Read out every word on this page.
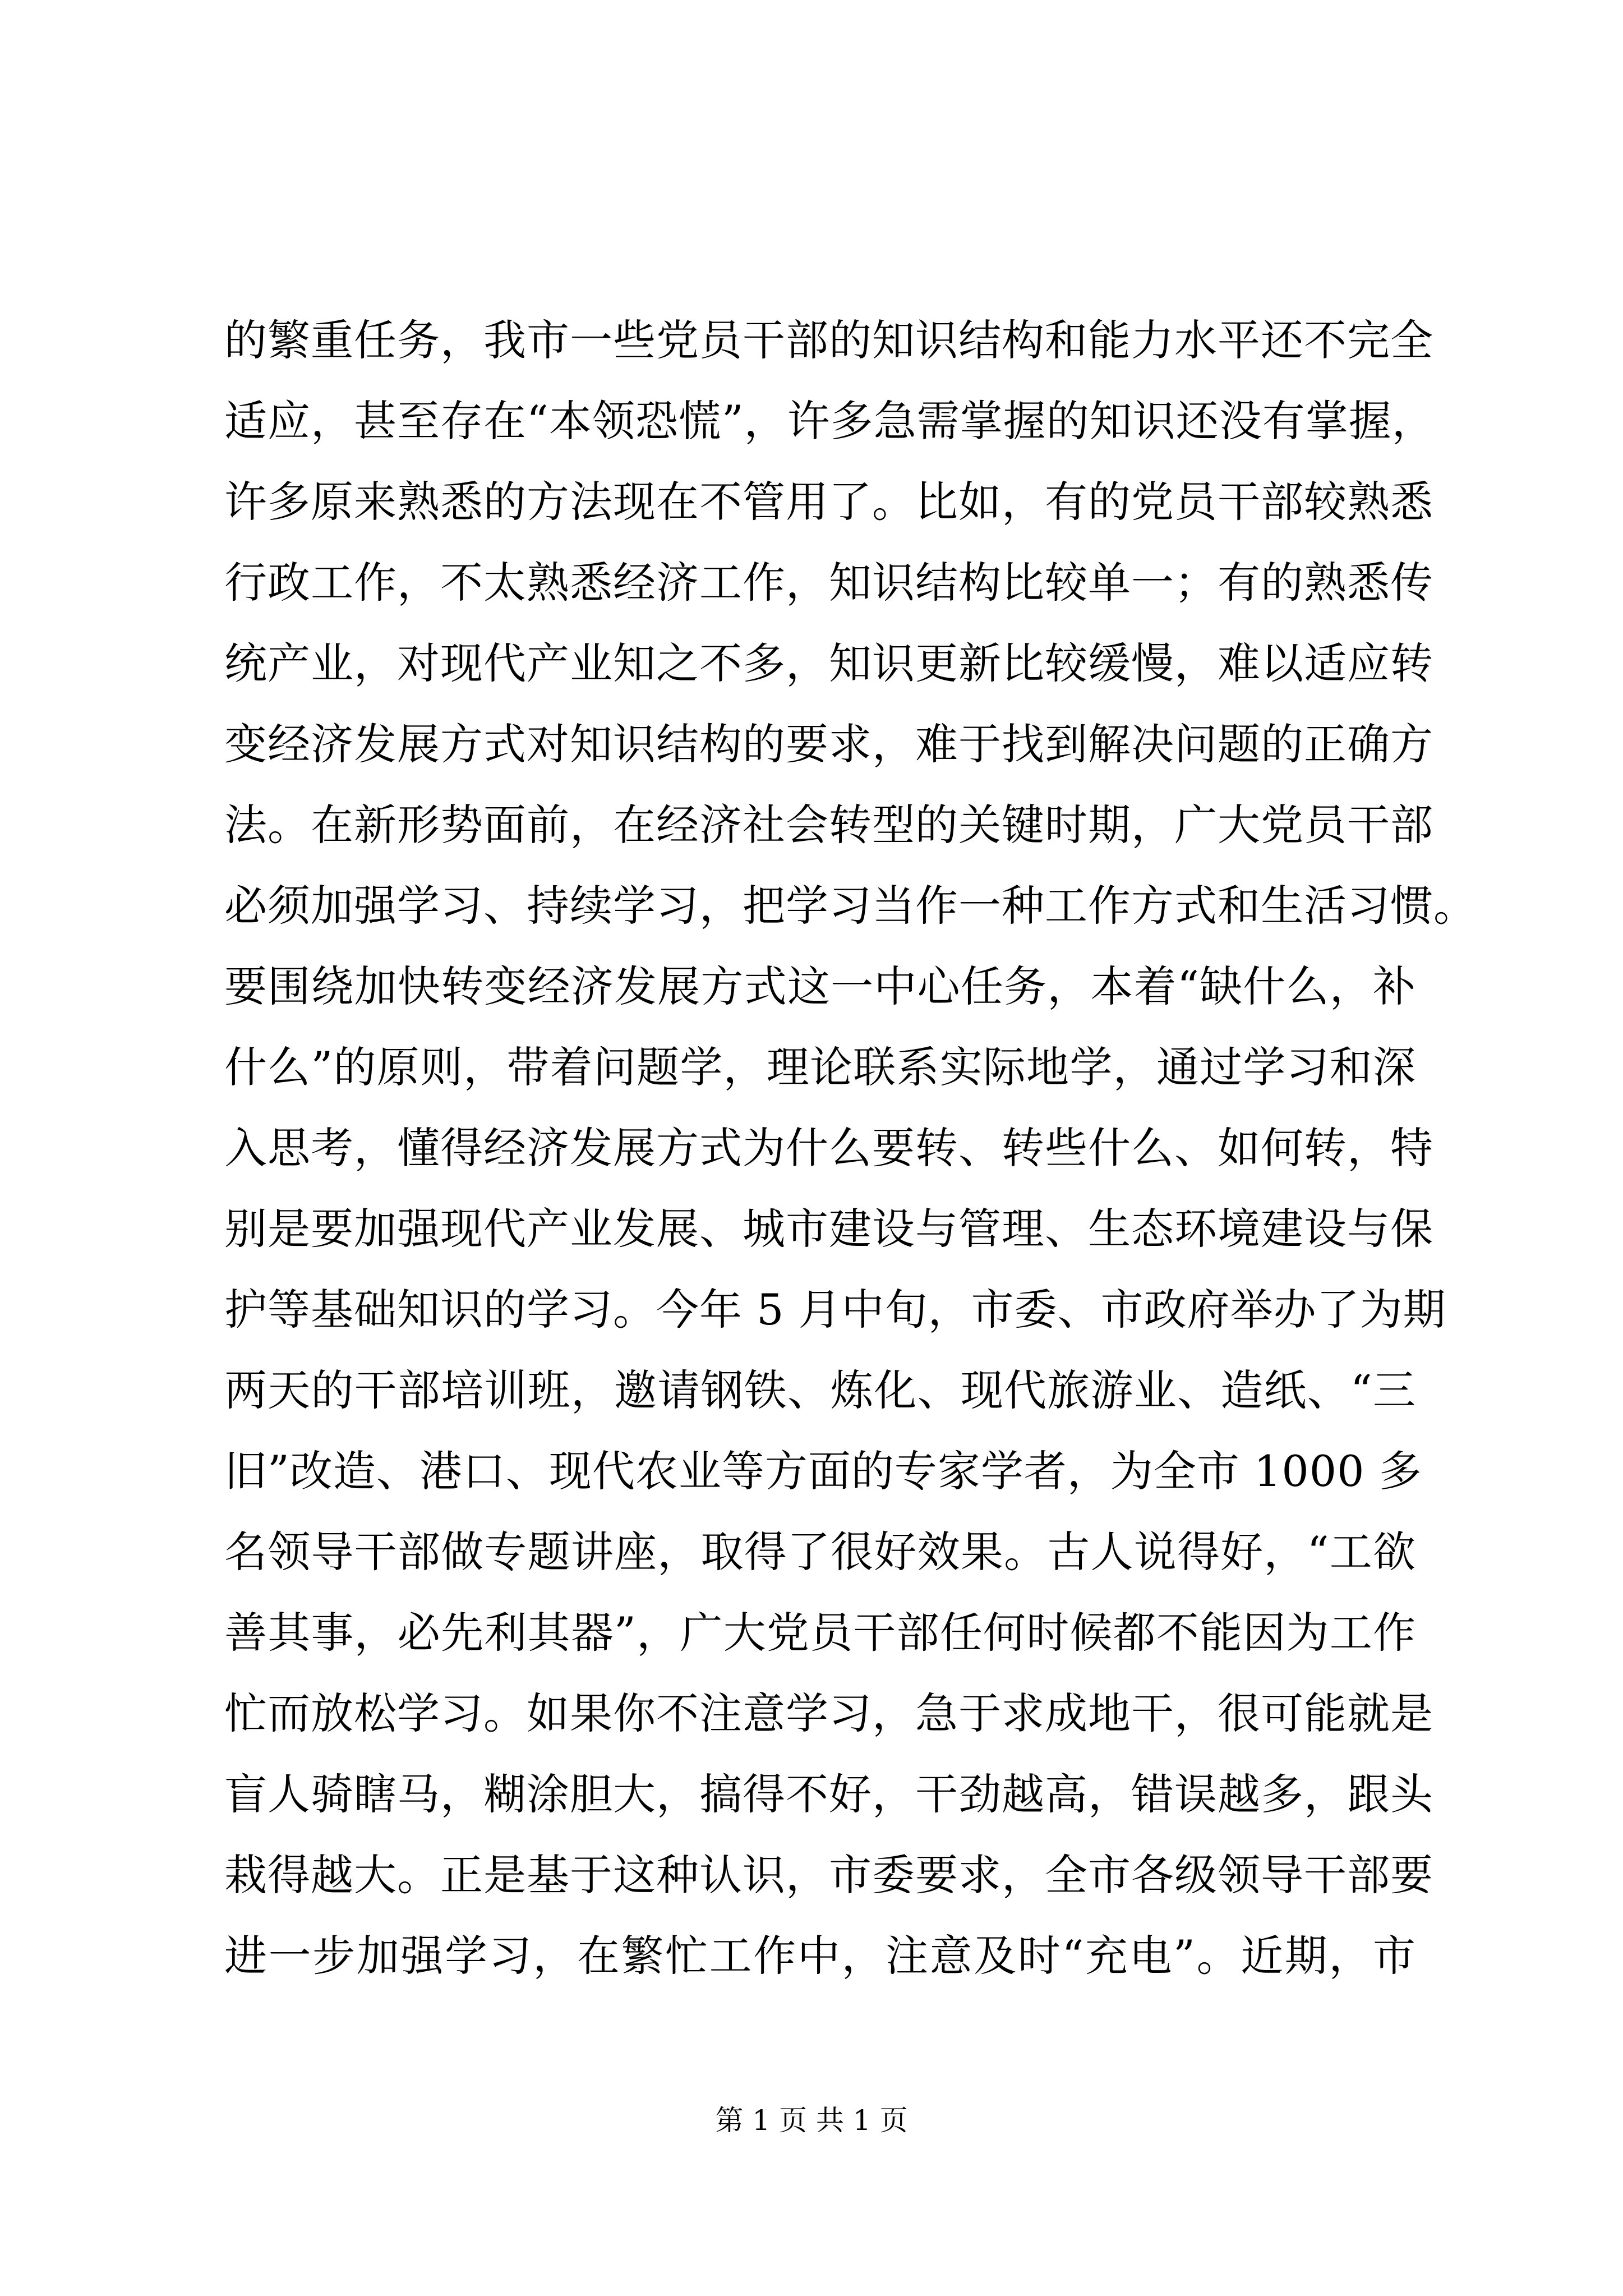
的繁重任务，我市一些党员干部的知识结构和能力水平还不完全
适应，甚至存在“本领恐慌”，许多急需掌握的知识还没有掌握，
许多原来熟悉的方法现在不管用了。比如，有的党员干部较熟悉
行政工作，不太熟悉经济工作，知识结构比较单一；有的熟悉传
统产业，对现代产业知之不多，知识更新比较缓慢，难以适应转
变经济发展方式对知识结构的要求，难于找到解决问题的正确方
法。在新形势面前，在经济社会转型的关键时期，广大党员干部
必须加强学习、持续学习，把学习当作一种工作方式和生活习惯。
要围绕加快转变经济发展方式这一中心任务，本着“缺什么，补
什么”的原则，带着问题学，理论联系实际地学，通过学习和深
入思考，懂得经济发展方式为什么要转、转些什么、如何转，特
别是要加强现代产业发展、城市建设与管理、生态环境建设与保
护等基础知识的学习。今年 5 月中旬，市委、市政府举办了为期
两天的干部培训班，邀请钢铁、炼化、现代旅游业、造纸、“三
旧”改造、港口、现代农业等方面的专家学者，为全市 1000 多
名领导干部做专题讲座，取得了很好效果。古人说得好，“工欲
善其事，必先利其器”，广大党员干部任何时候都不能因为工作
忙而放松学习。如果你不注意学习，急于求成地干，很可能就是
盲人骑瞎马，糊涂胆大，搞得不好，干劲越高，错误越多，跟头
栽得越大。正是基于这种认识，市委要求，全市各级领导干部要
进一步加强学习，在繁忙工作中，注意及时“充电”。近期，市
第 1 页 共 1 页
